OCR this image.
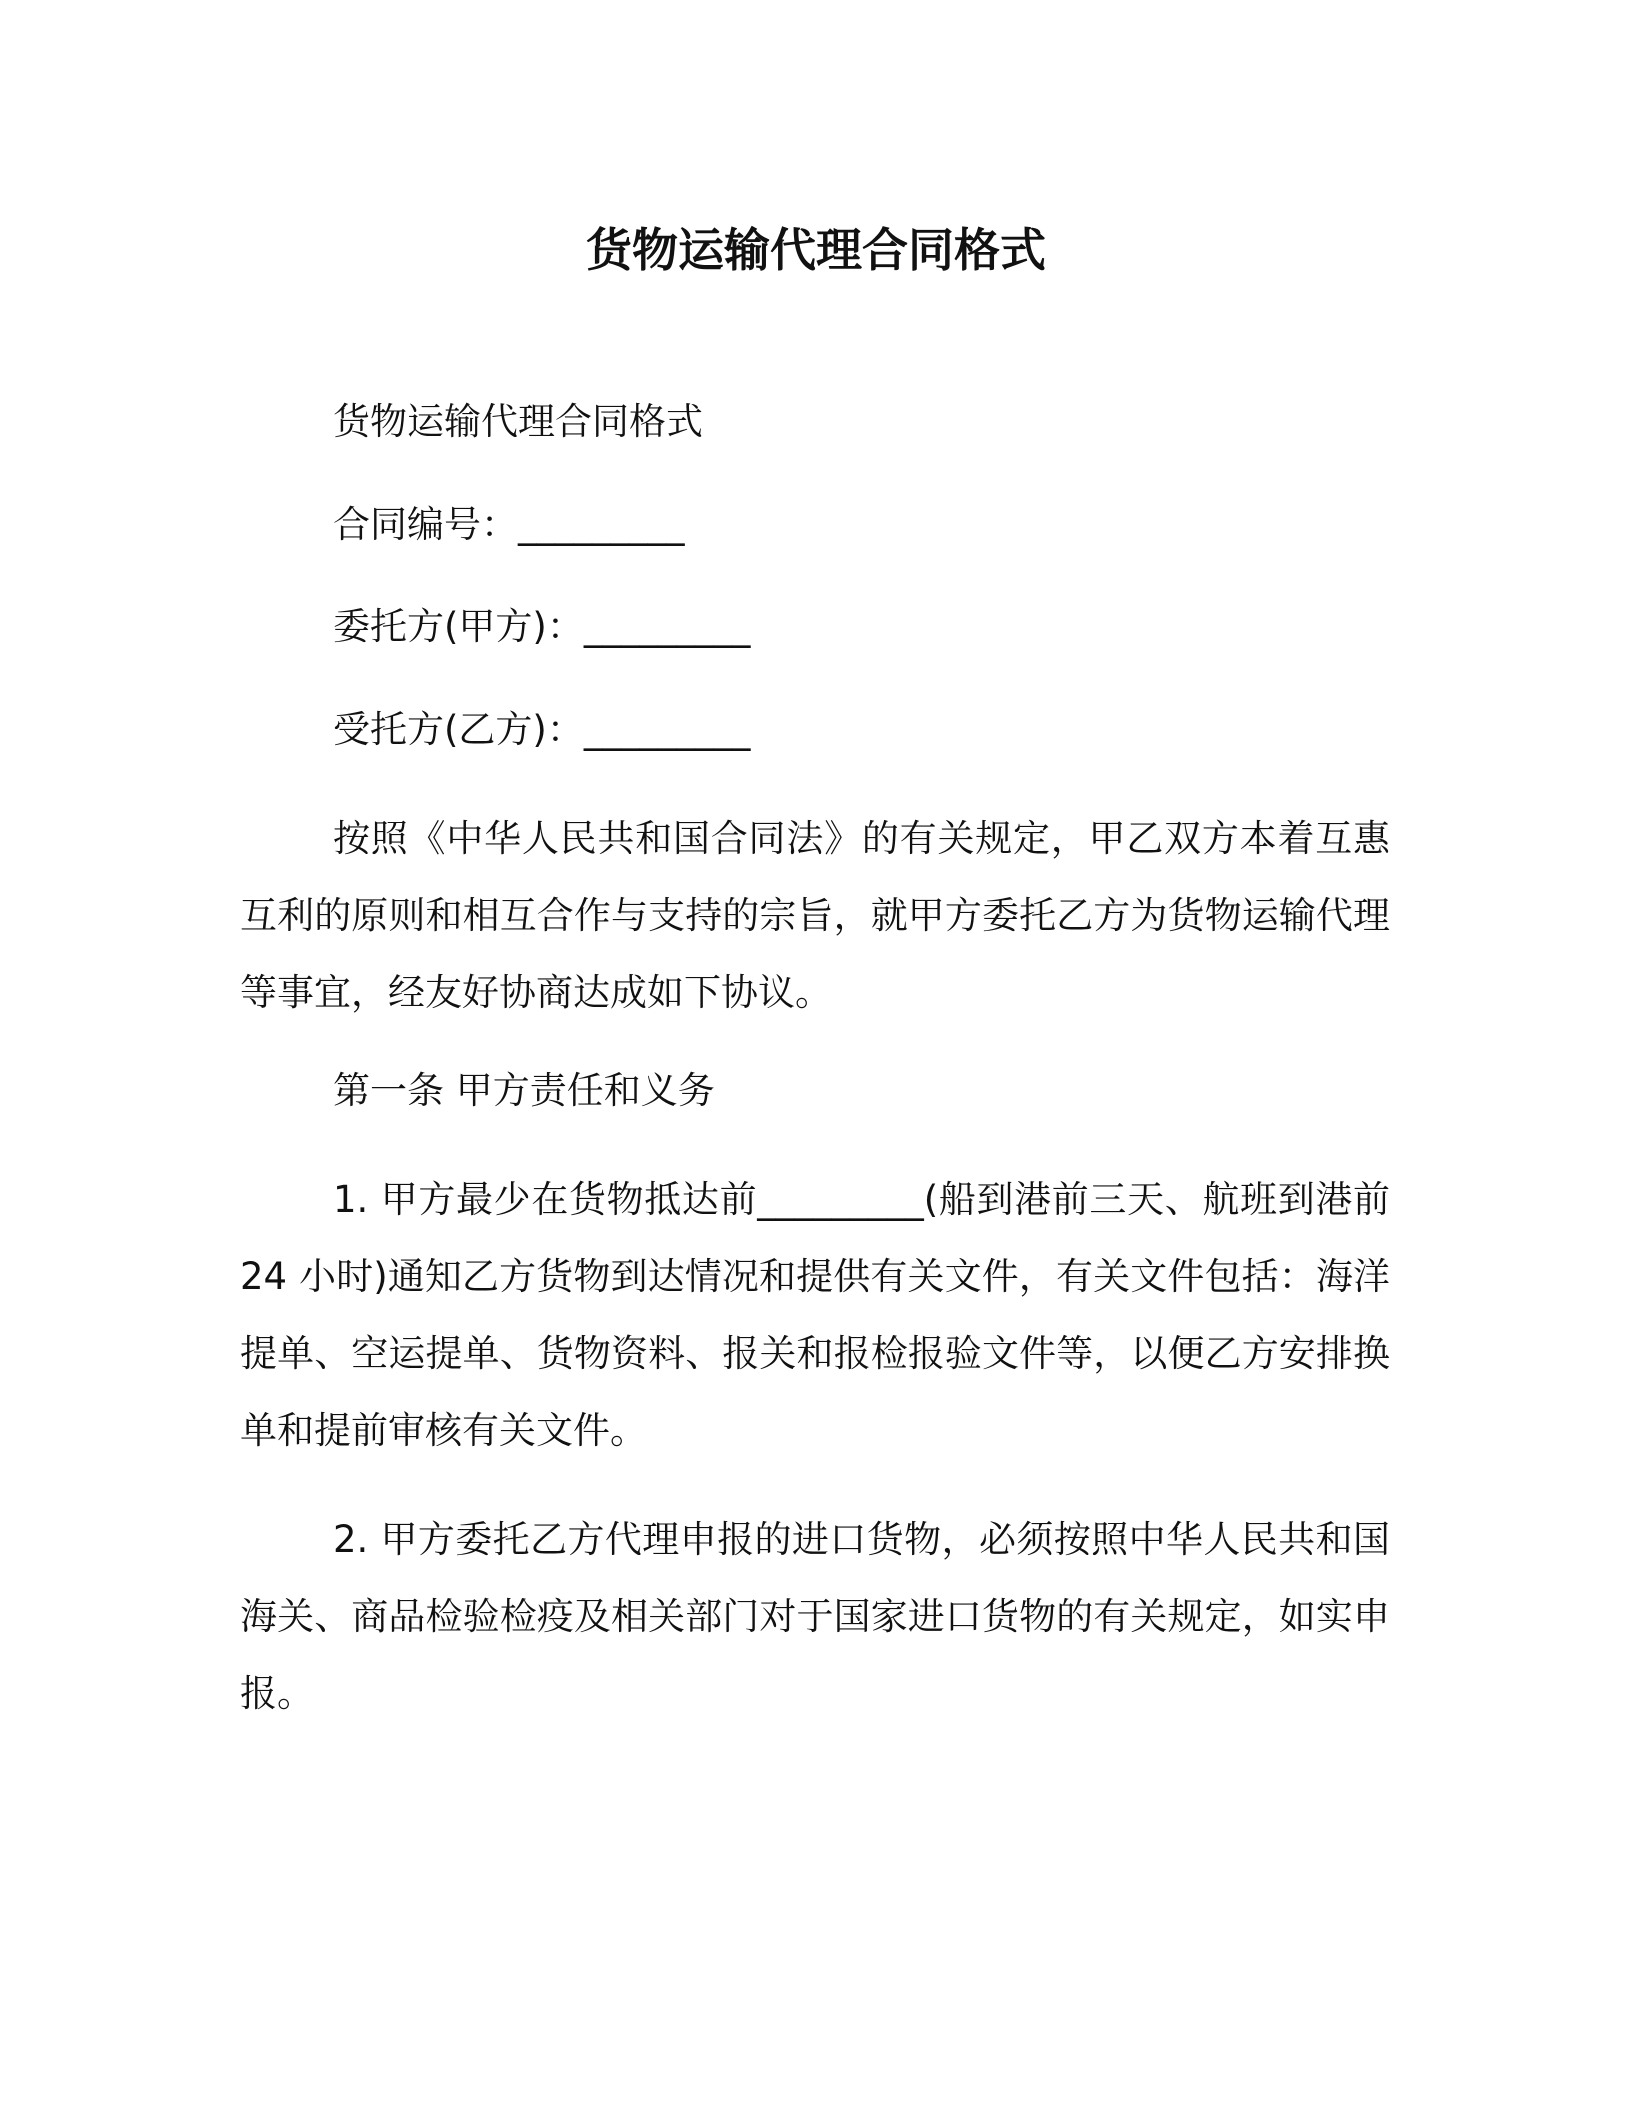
货物运输代理合同格式

货物运输代理合同格式

合同编号：_________

委托方(甲方)：_________

受托方(乙方)：_________

按照《中华人民共和国合同法》的有关规定，甲乙双方本着互惠互利的原则和相互合作与支持的宗旨，就甲方委托乙方为货物运输代理等事宜，经友好协商达成如下协议。

第一条 甲方责任和义务

1. 甲方最少在货物抵达前_________(船到港前三天、航班到港前24 小时)通知乙方货物到达情况和提供有关文件，有关文件包括：海洋提单、空运提单、货物资料、报关和报检报验文件等，以便乙方安排换单和提前审核有关文件。

2. 甲方委托乙方代理申报的进口货物，必须按照中华人民共和国海关、商品检验检疫及相关部门对于国家进口货物的有关规定，如实申报。
